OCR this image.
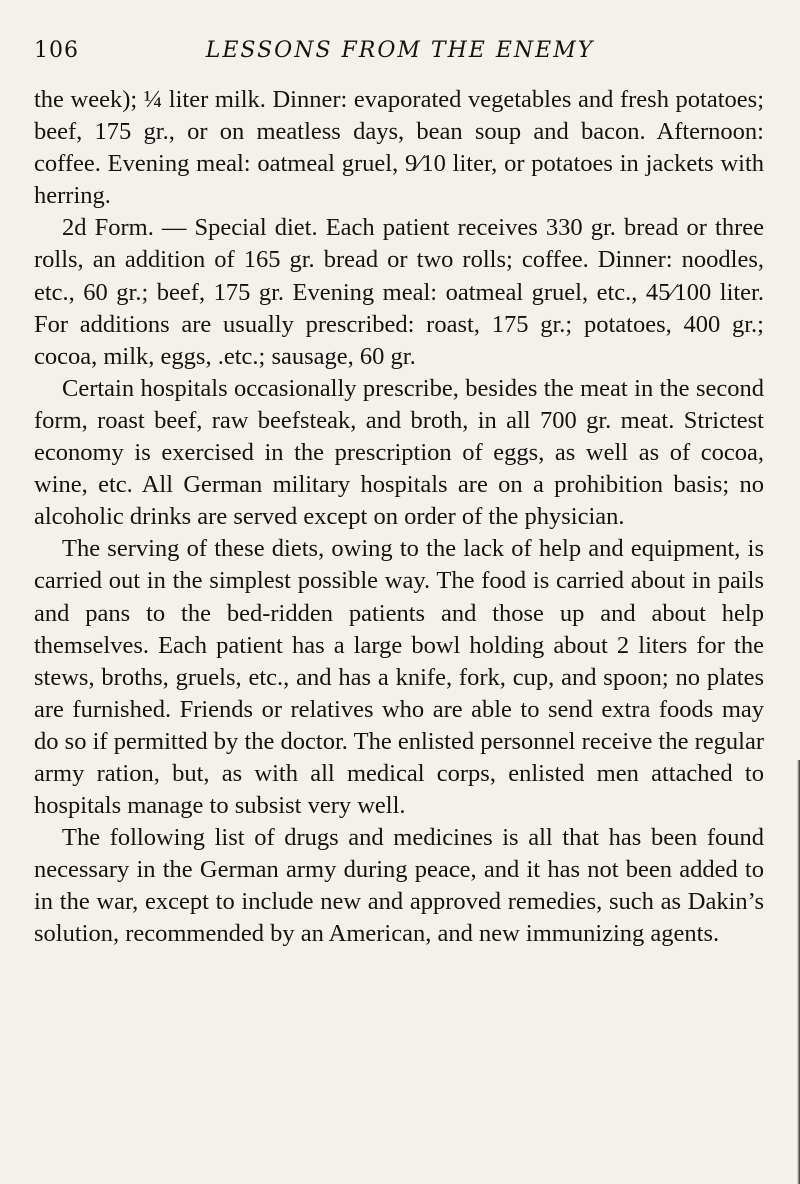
106	LESSONS FROM THE ENEMY

the week); ¼ liter milk. Dinner: evaporated vegetables and fresh potatoes; beef, 175 gr., or on meatless days, bean soup and bacon. Afternoon: coffee. Evening meal: oatmeal gruel, 9⁄10 liter, or potatoes in jackets with herring.

2d Form. — Special diet. Each patient receives 330 gr. bread or three rolls, an addition of 165 gr. bread or two rolls; coffee. Dinner: noodles, etc., 60 gr.; beef, 175 gr. Evening meal: oatmeal gruel, etc., 45⁄100 liter. For additions are usually prescribed: roast, 175 gr.; potatoes, 400 gr.; cocoa, milk, eggs, .etc.; sausage, 60 gr.

Certain hospitals occasionally prescribe, besides the meat in the second form, roast beef, raw beefsteak, and broth, in all 700 gr. meat. Strictest economy is exercised in the prescription of eggs, as well as of cocoa, wine, etc. All German military hospitals are on a prohibition basis; no alcoholic drinks are served except on order of the physician.

The serving of these diets, owing to the lack of help and equipment, is carried out in the simplest possible way. The food is carried about in pails and pans to the bed-ridden patients and those up and about help themselves. Each patient has a large bowl holding about 2 liters for the stews, broths, gruels, etc., and has a knife, fork, cup, and spoon; no plates are furnished. Friends or relatives who are able to send extra foods may do so if permitted by the doctor. The enlisted personnel receive the regular army ration, but, as with all medical corps, enlisted men attached to hospitals manage to subsist very well.

The following list of drugs and medicines is all that has been found necessary in the German army during peace, and it has not been added to in the war, except to include new and approved remedies, such as Dakin’s solution, recommended by an American, and new immunizing agents.
